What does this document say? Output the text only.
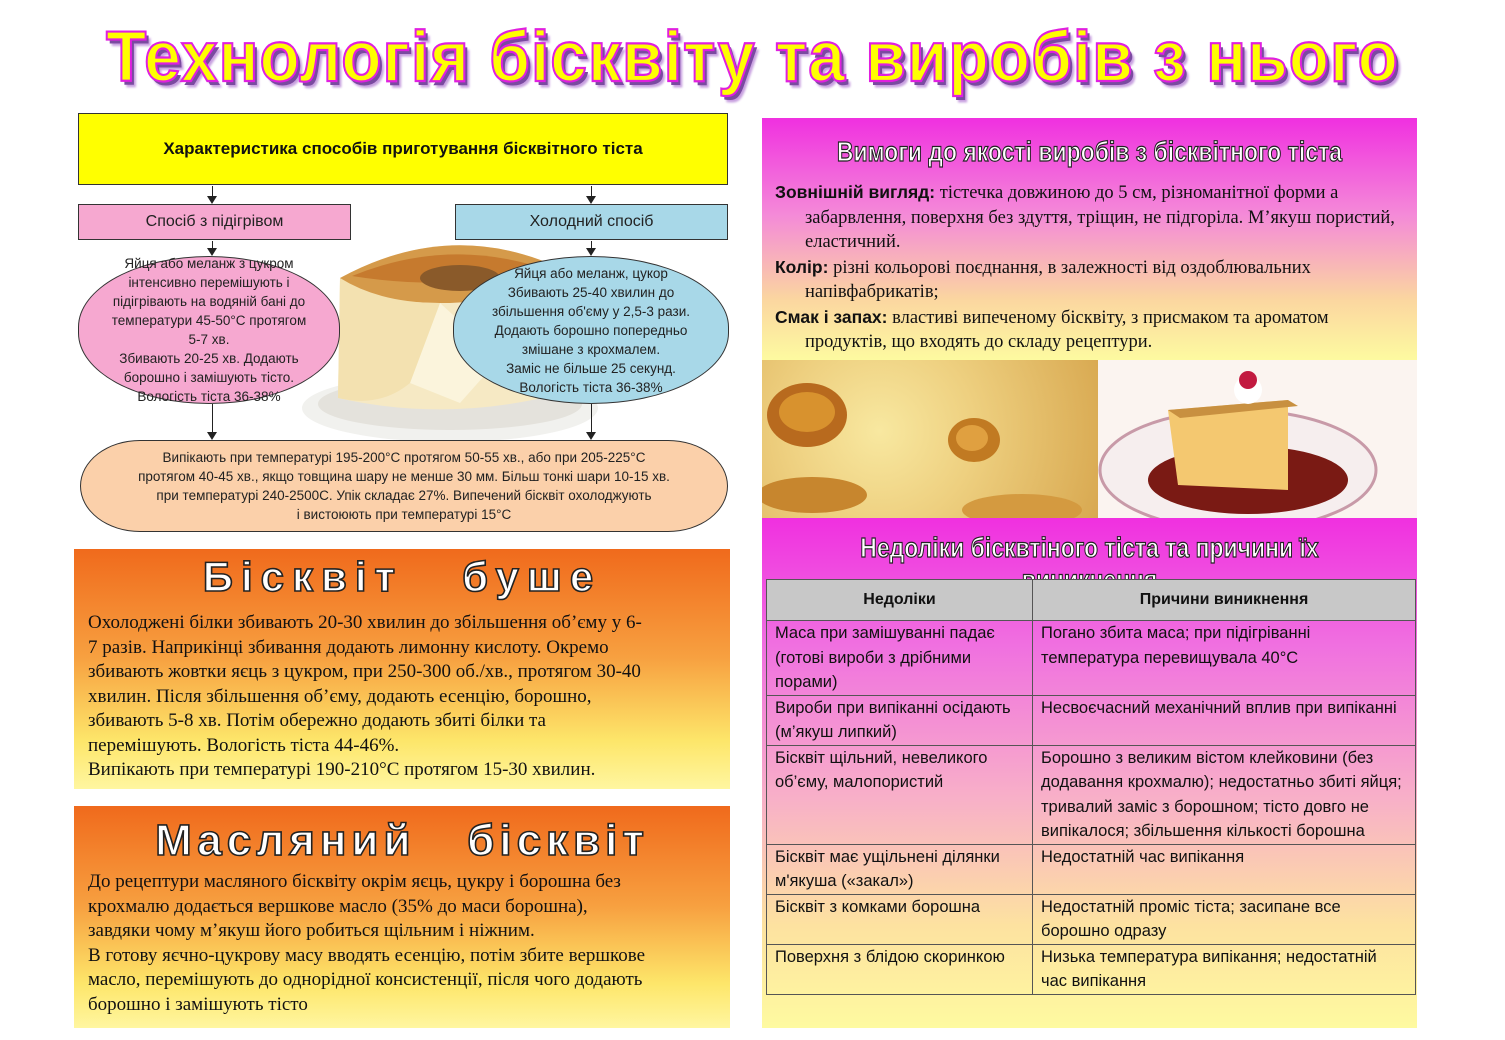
Технологія бісквіту та виробів з нього
Характеристика способів приготування бісквітного тіста
Спосіб з підігрівом	Холодний спосіб
Яйця або меланж з цукром
інтенсивно перемішують і
підігрівають на водяній бані до
температури 45-50°С протягом 5-7 хв.
Збивають 20-25 хв. Додають
борошно і замішують тісто.
Вологість тіста 36-38%
Яйця або меланж, цукор
Збивають 25-40 хвилин до
збільшення об'єму у 2,5-3 рази.
Додають борошно попередньо
змішане з крохмалем.
Заміс не більше 25 секунд.
Вологість тіста 36-38%
Випікають при температурі 195-200°С протягом 50-55 хв., або при 205-225°С
протягом 40-45 хв., якщо товщина шару не менше 30 мм. Більш тонкі шари 10-15 хв.
при температурі 240-2500С. Упік складає 27%. Випечений бісквіт охолоджують
і вистоюють при температурі 15°С
Бісквіт   буше
Охолоджені білки збивають 20-30 хвилин до збільшення об’єму у 6-
7 разів. Наприкінці збивання додають лимонну кислоту. Окремо
збивають жовтки яєць з цукром, при 250-300 об./хв., протягом 30-40
хвилин. Після збільшення об’єму, додають есенцію, борошно,
збивають 5-8 хв. Потім обережно додають збиті білки та
перемішують. Вологість тіста 44-46%.
Випікають при температурі 190-210°С протягом 15-30 хвилин.
Масляний   бісквіт
До рецептури масляного бісквіту окрім яєць, цукру і борошна без
крохмалю додається вершкове масло (35% до маси борошна),
завдяки чому м’якуш його робиться щільним і ніжним.
В готову яєчно-цукрову масу вводять есенцію, потім збите вершкове
масло, перемішують до однорідної консистенції, після чого додають
борошно і замішують тісто
Вимоги до якості виробів з бісквітного тіста
Зовнішній вигляд: тістечка довжиною до 5 см, різноманітної форми а забарвлення, поверхня без здуття, тріщин, не підгоріла. М’якуш пористий, еластичний.
Колір: різні кольорові поєднання, в залежності від оздоблювальних напівфабрикатів;
Смак і запах: властиві випеченому бісквіту, з присмаком та ароматом продуктів, що входять до складу рецептури.
Недоліки бісквтіного тіста та причини їх
Недоліки	Причини виникнення
Маса при замішуванні падає (готові вироби з дрібними порами)	Погано збита маса; при підігріванні температура перевищувала 40°С
Вироби при випіканні осідають (м’якуш липкий)	Несвоєчасний механічний вплив при випіканні
Бісквіт щільний, невеликого об’єму, малопористий	Борошно з великим вістом клейковини (без додавання крохмалю); недостатньо збиті яйця; тривалий заміс з борошном; тісто довго не випікалося; збільшення кількості борошна
Бісквіт має ущільнені ділянки м'якуша («закал»)	Недостатній час випікання
Бісквіт з комками борошна	Недостатній проміс тіста; засипане все борошно одразу
Поверхня з блідою скоринкою	Низька температура випікання; недостатній час випікання
